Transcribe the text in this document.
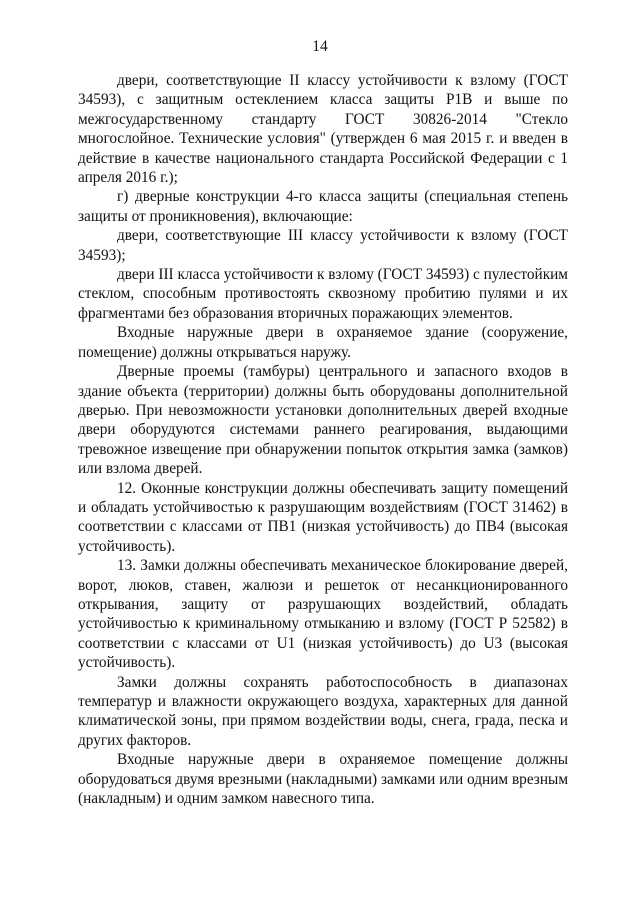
14

двери, соответствующие II классу устойчивости к взлому (ГОСТ 34593), с защитным остеклением класса защиты P1B и выше по межгосударственному стандарту ГОСТ 30826-2014 "Стекло многослойное. Технические условия" (утвержден 6 мая 2015 г. и введен в действие в качестве национального стандарта Российской Федерации с 1 апреля 2016 г.);

г) дверные конструкции 4-го класса защиты (специальная степень защиты от проникновения), включающие:

двери, соответствующие III классу устойчивости к взлому (ГОСТ 34593);

двери III класса устойчивости к взлому (ГОСТ 34593) с пулестойким стеклом, способным противостоять сквозному пробитию пулями и их фрагментами без образования вторичных поражающих элементов.

Входные наружные двери в охраняемое здание (сооружение, помещение) должны открываться наружу.

Дверные проемы (тамбуры) центрального и запасного входов в здание объекта (территории) должны быть оборудованы дополнительной дверью. При невозможности установки дополнительных дверей входные двери оборудуются системами раннего реагирования, выдающими тревожное извещение при обнаружении попыток открытия замка (замков) или взлома дверей.

12. Оконные конструкции должны обеспечивать защиту помещений и обладать устойчивостью к разрушающим воздействиям (ГОСТ 31462) в соответствии с классами от ПВ1 (низкая устойчивость) до ПВ4 (высокая устойчивость).

13. Замки должны обеспечивать механическое блокирование дверей, ворот, люков, ставен, жалюзи и решеток от несанкционированного открывания, защиту от разрушающих воздействий, обладать устойчивостью к криминальному отмыканию и взлому (ГОСТ Р 52582) в соответствии с классами от U1 (низкая устойчивость) до U3 (высокая устойчивость).

Замки должны сохранять работоспособность в диапазонах температур и влажности окружающего воздуха, характерных для данной климатической зоны, при прямом воздействии воды, снега, града, песка и других факторов.

Входные наружные двери в охраняемое помещение должны оборудоваться двумя врезными (накладными) замками или одним врезным (накладным) и одним замком навесного типа.
